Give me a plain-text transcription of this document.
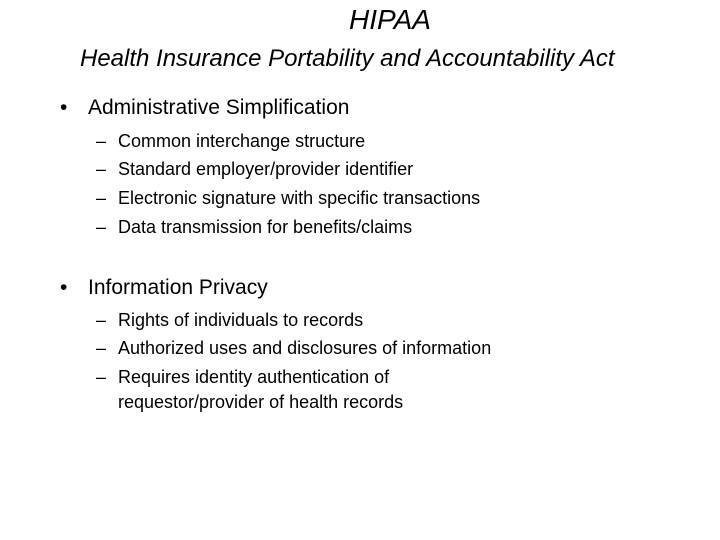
HIPAA
Health Insurance Portability and Accountability Act
• Administrative Simplification
– Common interchange structure
– Standard employer/provider identifier
– Electronic signature with specific transactions
– Data transmission for benefits/claims
• Information Privacy
– Rights of individuals to records
– Authorized uses and disclosures of information
– Requires identity authentication of
requestor/provider of health records
